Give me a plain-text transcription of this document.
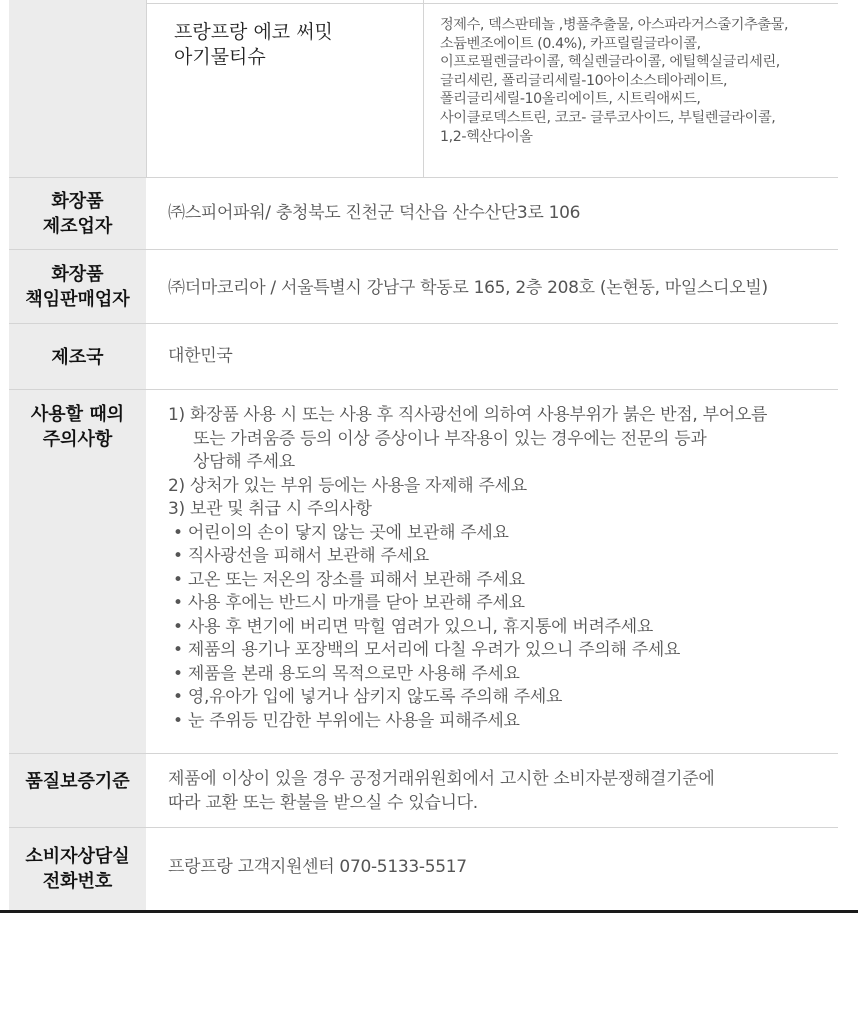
프랑프랑 에코 써밋
아기물티슈
정제수, 덱스판테놀 ,병풀추출물, 아스파라거스줄기추출물,
소듐벤조에이트 (0.4%), 카프릴릴글라이콜,
이프로필렌글라이콜, 헥실렌글라이콜, 에틸헥실글리세린,
글리세린, 폴리글리세릴-10아이소스테아레이트,
폴리글리세릴-10올리에이트, 시트릭애씨드,
사이클로덱스트린, 코코- 글루코사이드, 부틸렌글라이콜,
1,2-헥산다이올
화장품
제조업자
㈜스피어파워/ 충청북도 진천군 덕산읍 산수산단3로 106
화장품
책임판매업자
㈜더마코리아 / 서울특별시 강남구 학동로 165, 2층 208호 (논현동, 마일스디오빌)
제조국	대한민국
사용할 때의
주의사항
1) 화장품 사용 시 또는 사용 후 직사광선에 의하여 사용부위가 붉은 반점, 부어오름
또는 가려움증 등의 이상 증상이나 부작용이 있는 경우에는 전문의 등과
상담해 주세요
2) 상처가 있는 부위 등에는 사용을 자제해 주세요
3) 보관 및 취급 시 주의사항
• 어린이의 손이 닿지 않는 곳에 보관해 주세요
• 직사광선을 피해서 보관해 주세요
• 고온 또는 저온의 장소를 피해서 보관해 주세요
• 사용 후에는 반드시 마개를 닫아 보관해 주세요
• 사용 후 변기에 버리면 막힐 염려가 있으니, 휴지통에 버려주세요
• 제품의 용기나 포장백의 모서리에 다칠 우려가 있으니 주의해 주세요
• 제품을 본래 용도의 목적으로만 사용해 주세요
• 영,유아가 입에 넣거나 삼키지 않도록 주의해 주세요
• 눈 주위등 민감한 부위에는 사용을 피해주세요
품질보증기준	제품에 이상이 있을 경우 공정거래위원회에서 고시한 소비자분쟁해결기준에
따라 교환 또는 환불을 받으실 수 있습니다.
소비자상담실
전화번호
프랑프랑 고객지원센터 070-5133-5517
